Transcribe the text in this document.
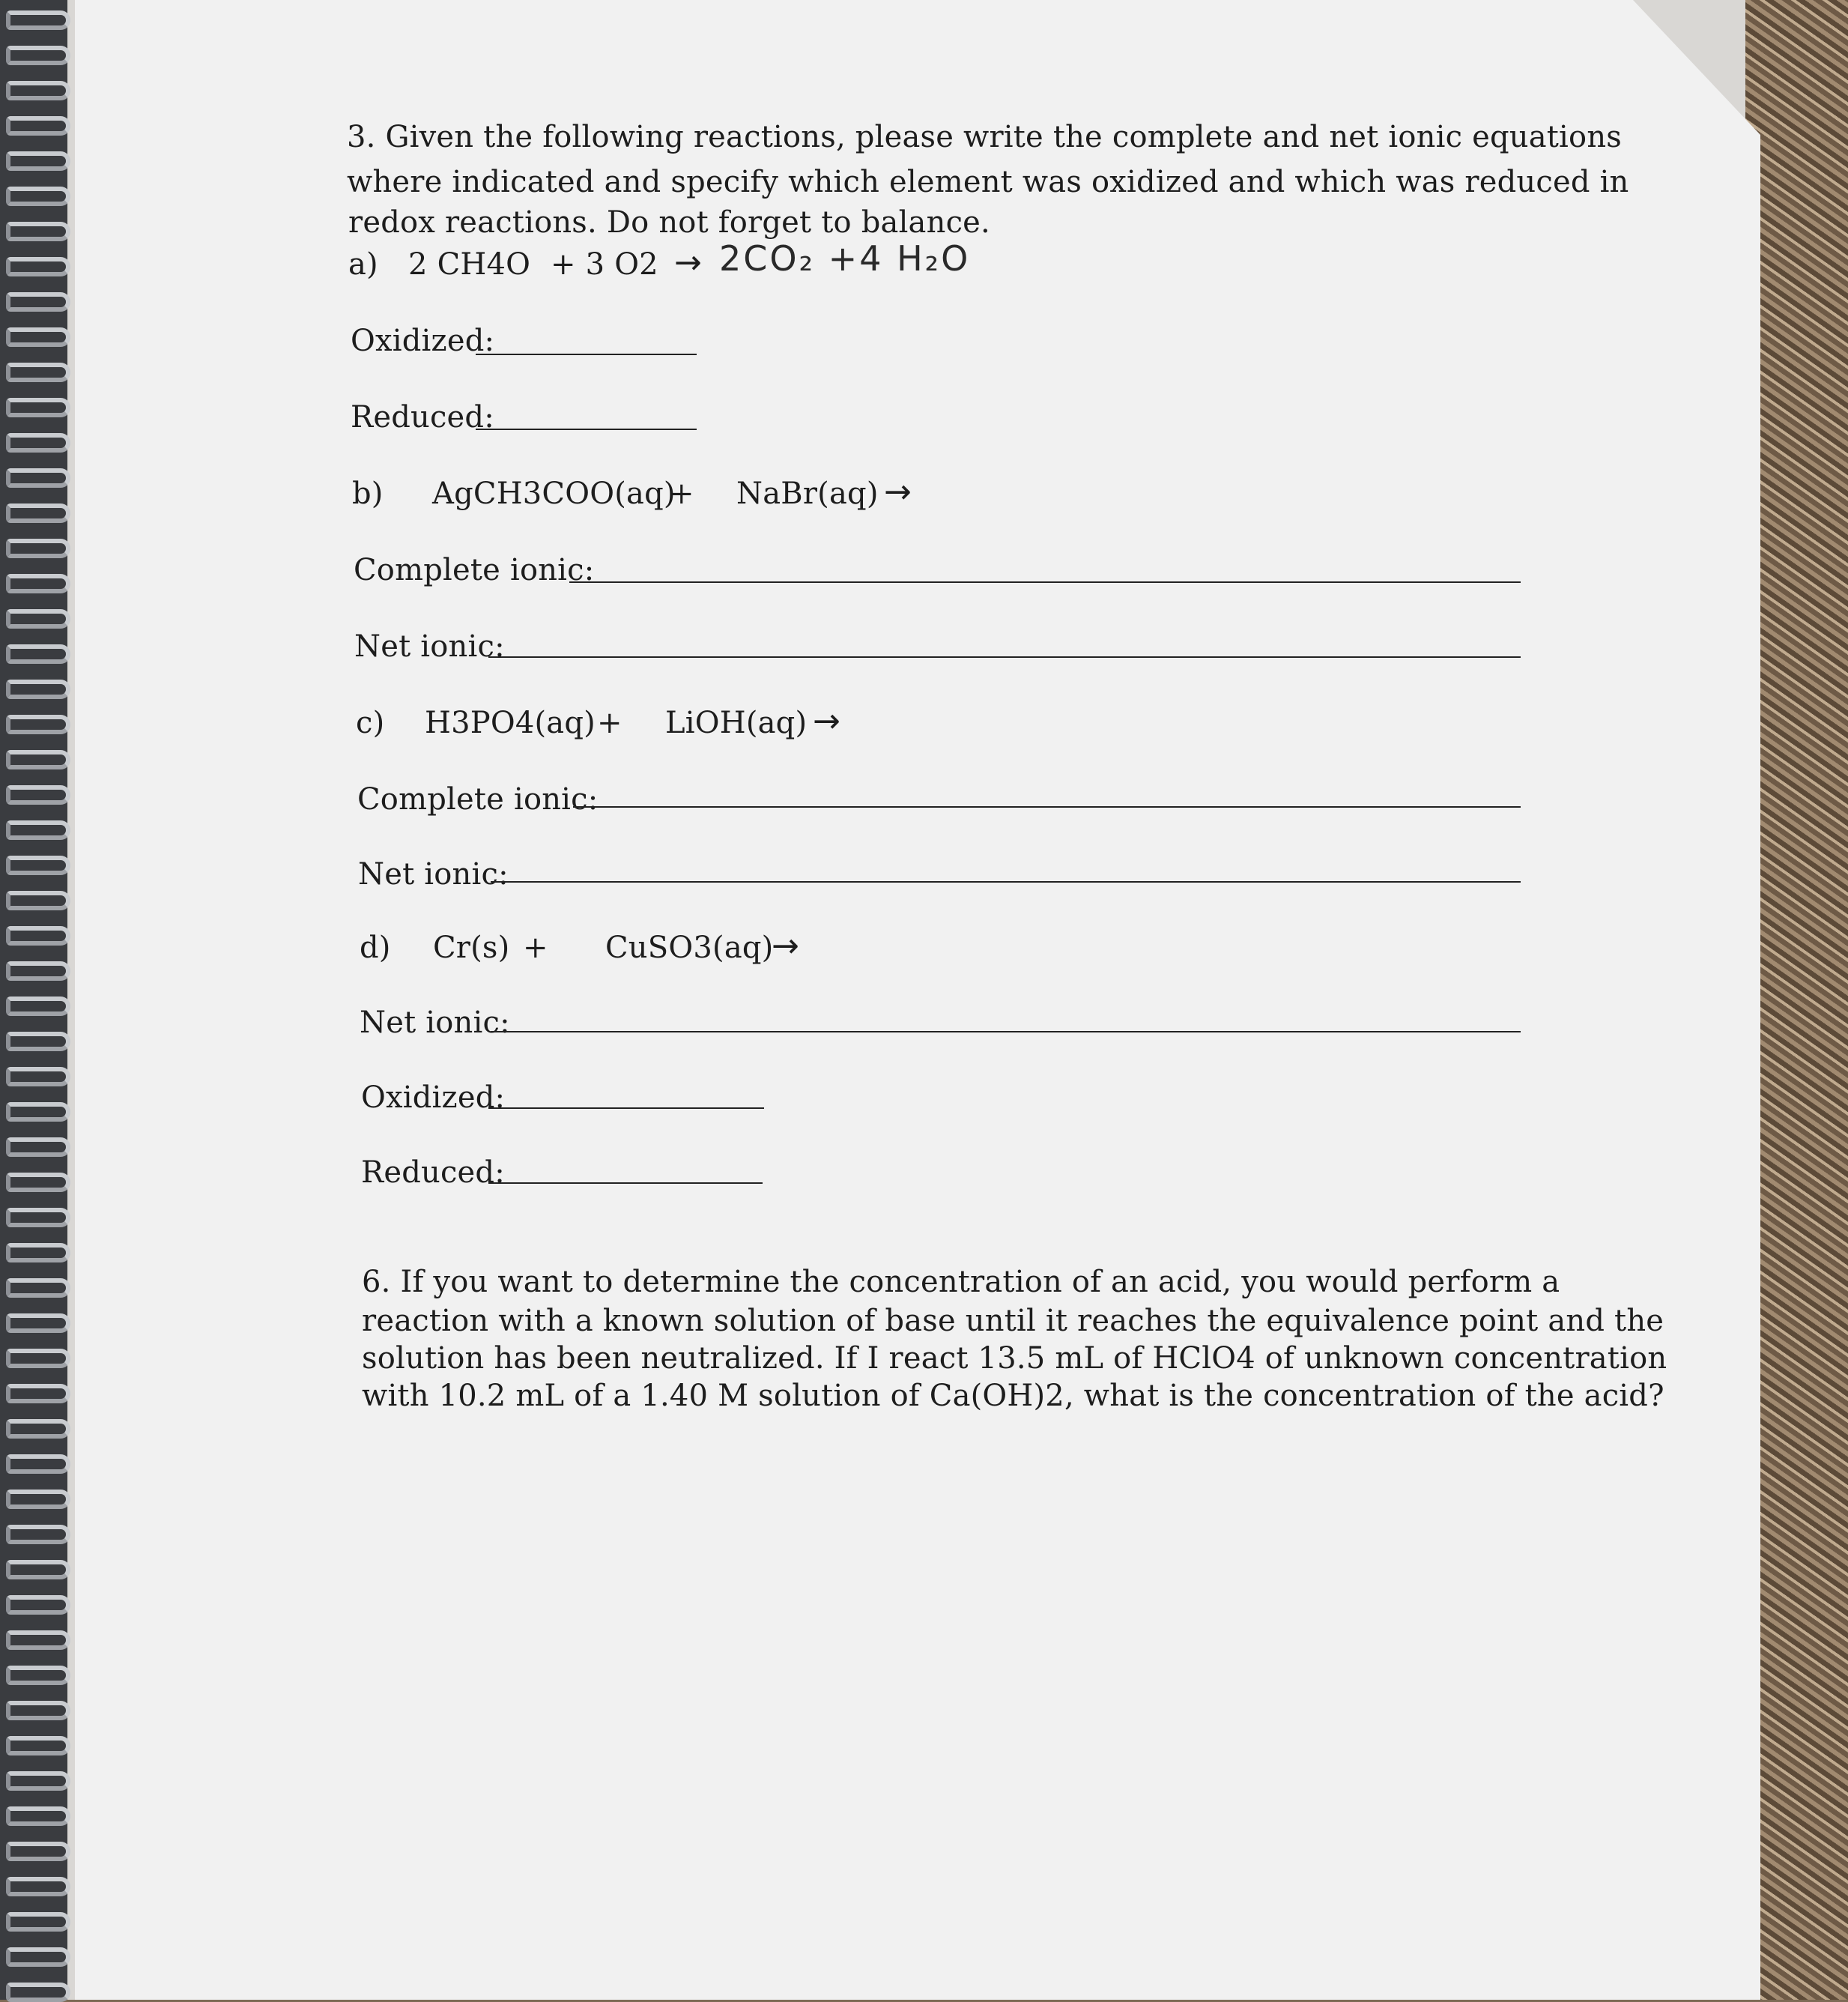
3. Given the following reactions, please write the complete and net ionic equations
where indicated and specify which element was oxidized and which was reduced in
redox reactions. Do not forget to balance.
a) 2 CH4O + 3 O2 → 2CO₂ +4 H₂O
Oxidized:
Reduced:
b) AgCH3COO(aq)
+ NaBr(aq) →
Complete ionic:
Net ionic:
c) H3PO4(aq) + LiOH(aq) →
Complete ionic:
Net ionic:
d) Cr(s) + CuSO3(aq)
→
Net ionic:
Oxidized:
Reduced:
6. If you want to determine the concentration of an acid, you would perform a
reaction with a known solution of base until it reaches the equivalence point and the
solution has been neutralized. If I react 13.5 mL of HClO4 of unknown concentration
with 10.2 mL of a 1.40 M solution of Ca(OH)2, what is the concentration of the acid?
